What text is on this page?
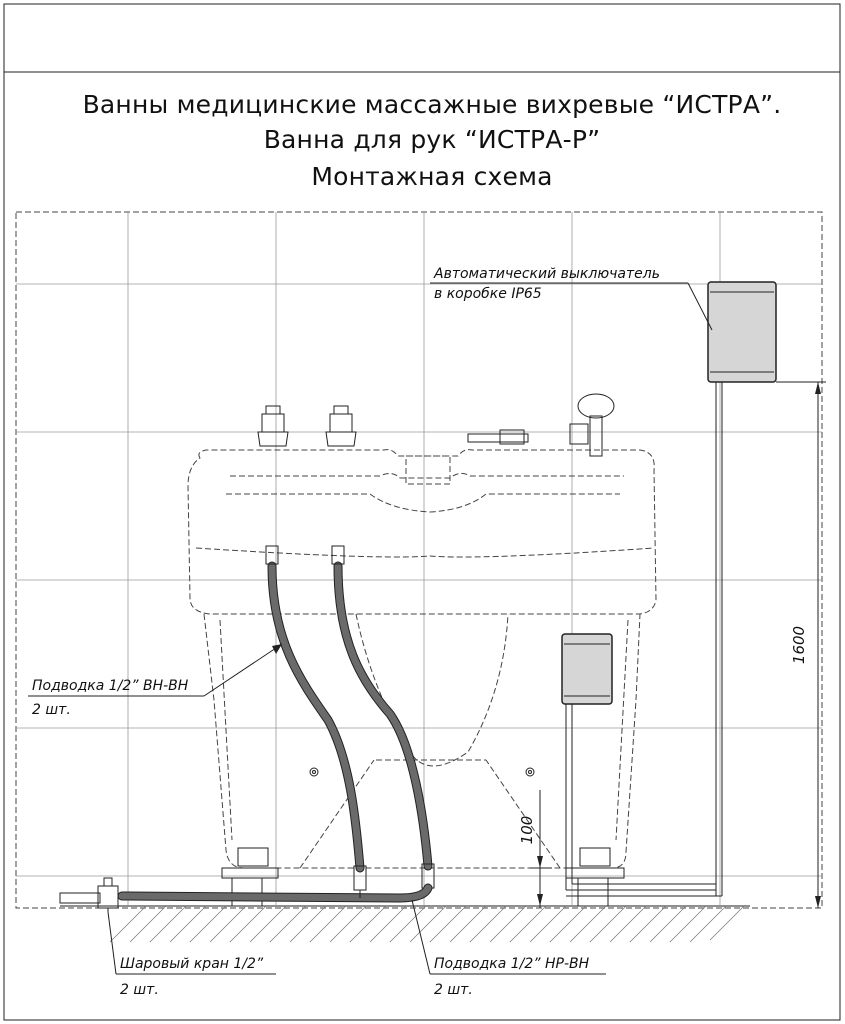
Ванны медицинские массажные вихревые “ИСТРА”.
Ванна для рук “ИСТРА-Р”
Монтажная схема
1600
100
Автоматический выключатель
в коробке IP65
Подводка 1/2” ВН-ВН
2 шт.
Шаровый кран 1/2”
2 шт.
Подводка 1/2” НР-ВН
2 шт.
